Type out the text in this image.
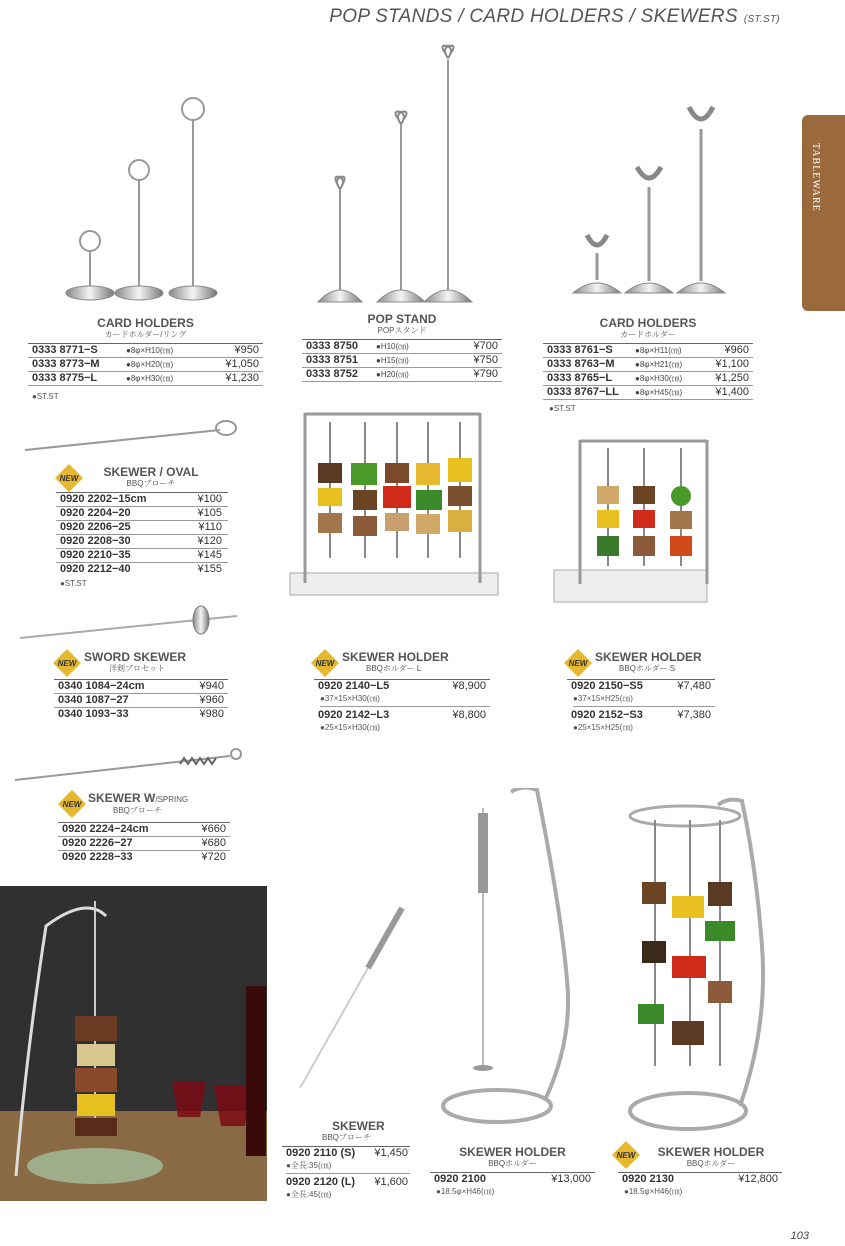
POP STANDS / CARD HOLDERS / SKEWERS (ST.ST)
TABLEWARE
103
CARD HOLDERS
カードホルダー/リング
0333 8771−S	●8φ×H10(㎝)	¥950
0333 8773−M	●8φ×H20(㎝)	¥1,050
0333 8775−L	●8φ×H30(㎝)	¥1,230
●ST.ST
POP STAND
POPスタンド
0333 8750 ●H10(㎝)	¥700
0333 8751 ●H15(㎝)	¥750
0333 8752 ●H20(㎝)	¥790
CARD HOLDERS
カードホルダー
0333 8761−S	●8φ×H11(㎝)	¥960
0333 8763−M	●8φ×H21(㎝)	¥1,100
0333 8765−L	●8φ×H30(㎝)	¥1,250
0333 8767−LL ●8φ×H45(㎝)	¥1,400
●ST.ST
NEW	SKEWER / OVAL
BBQブローチ
0920 2202−15cm	¥100
0920 2204−20	¥105
0920 2206−25	¥110
0920 2208−30	¥120
0920 2210−35	¥145
0920 2212−40	¥155
●ST.ST
NEW SWORD SKEWER
洋剣ブロセット
0340 1084−24cm	¥940
0340 1087−27	¥960
0340 1093−33	¥980
NEW SKEWER W/SPRING
BBQブローチ
0920 2224−24cm	¥660
0920 2226−27	¥680
0920 2228−33	¥720
NEW SKEWER HOLDER
BBQホルダー L
0920 2140−L5	¥8,900
●37×15×H30(㎝)
0920 2142−L3	¥8,800
●25×15×H30(㎝)
NEW SKEWER HOLDER
BBQホルダー S
0920 2150−S5	¥7,480
●37×15×H25(㎝)
0920 2152−S3	¥7,380
●25×15×H25(㎝)
SKEWER
BBQブローチ
0920 2110 (S) ¥1,450
●全長:35(㎝)
0920 2120 (L) ¥1,600
●全長:45(㎝)
SKEWER HOLDER
BBQホルダー
0920 2100	¥13,000
●18.5φ×H46(㎝)
NEW	SKEWER HOLDER
BBQホルダー
0920 2130	¥12,800
●18.5φ×H46(㎝)
